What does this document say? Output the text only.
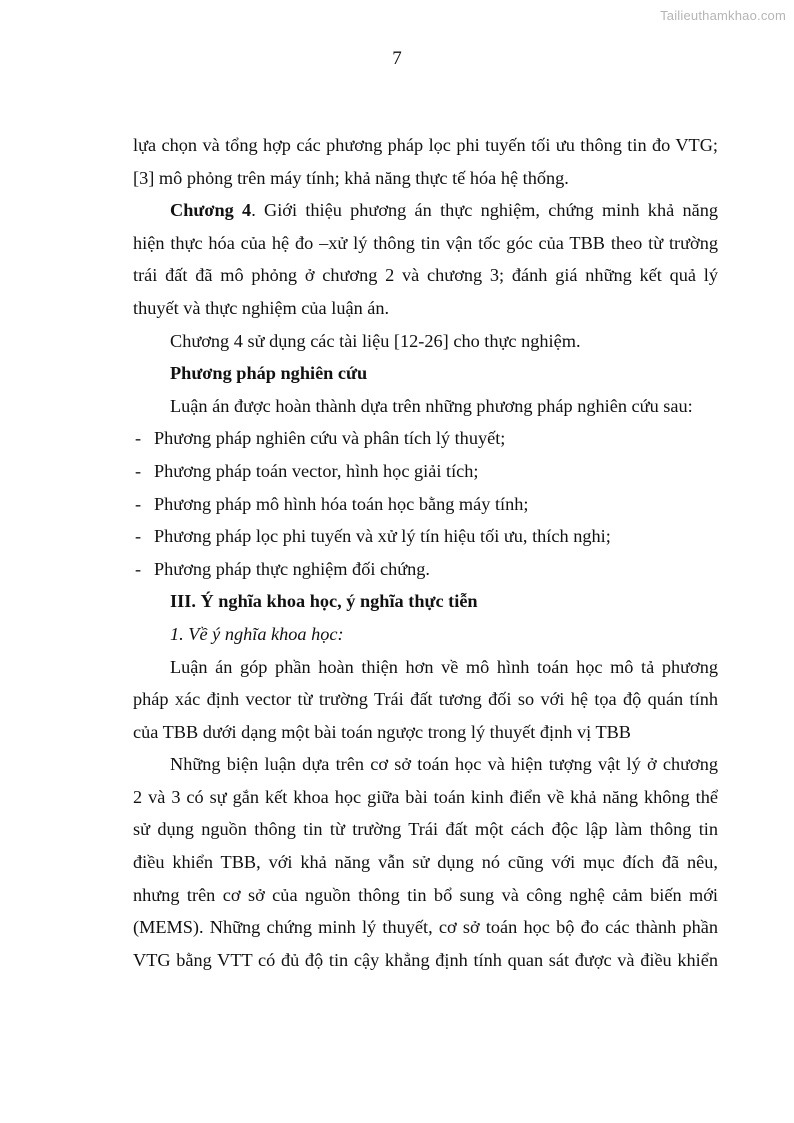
Tailieuthamkhao.com
7
lựa chọn và tổng hợp các phương pháp lọc phi tuyến tối ưu thông tin đo VTG;
[3] mô phỏng trên máy tính; khả năng thực tế hóa hệ thống.
Chương 4. Giới thiệu phương án thực nghiệm, chứng minh khả năng
hiện thực hóa của hệ đo –xử lý thông tin vận tốc góc của TBB theo từ trường
trái đất đã mô phỏng ở chương 2 và chương 3; đánh giá những kết quả lý
thuyết và thực nghiệm của luận án.
Chương 4 sử dụng các tài liệu [12-26] cho thực nghiệm.
Phương pháp nghiên cứu
Luận án được hoàn thành dựa trên những phương pháp nghiên cứu sau:
- Phương pháp nghiên cứu và phân tích lý thuyết;
- Phương pháp toán vector, hình học giải tích;
- Phương pháp mô hình hóa toán học bằng máy tính;
- Phương pháp lọc phi tuyến và xử lý tín hiệu tối ưu, thích nghi;
- Phương pháp thực nghiệm đối chứng.
III. Ý nghĩa khoa học, ý nghĩa thực tiễn
1. Về ý nghĩa khoa học:
Luận án góp phần hoàn thiện hơn về mô hình toán học mô tả phương
pháp xác định vector từ trường Trái đất tương đối so với hệ tọa độ quán tính
của TBB dưới dạng một bài toán ngược trong lý thuyết định vị TBB
Những biện luận dựa trên cơ sở toán học và hiện tượng vật lý ở chương
2 và 3 có sự gắn kết khoa học giữa bài toán kinh điển về khả năng không thể
sử dụng nguồn thông tin từ trường Trái đất một cách độc lập làm thông tin
điều khiển TBB, với khả năng vẫn sử dụng nó cũng với mục đích đã nêu,
nhưng trên cơ sở của nguồn thông tin bổ sung và công nghệ cảm biến mới
(MEMS). Những chứng minh lý thuyết, cơ sở toán học bộ đo các thành phần
VTG bằng VTT có đủ độ tin cậy khẳng định tính quan sát được và điều khiển
